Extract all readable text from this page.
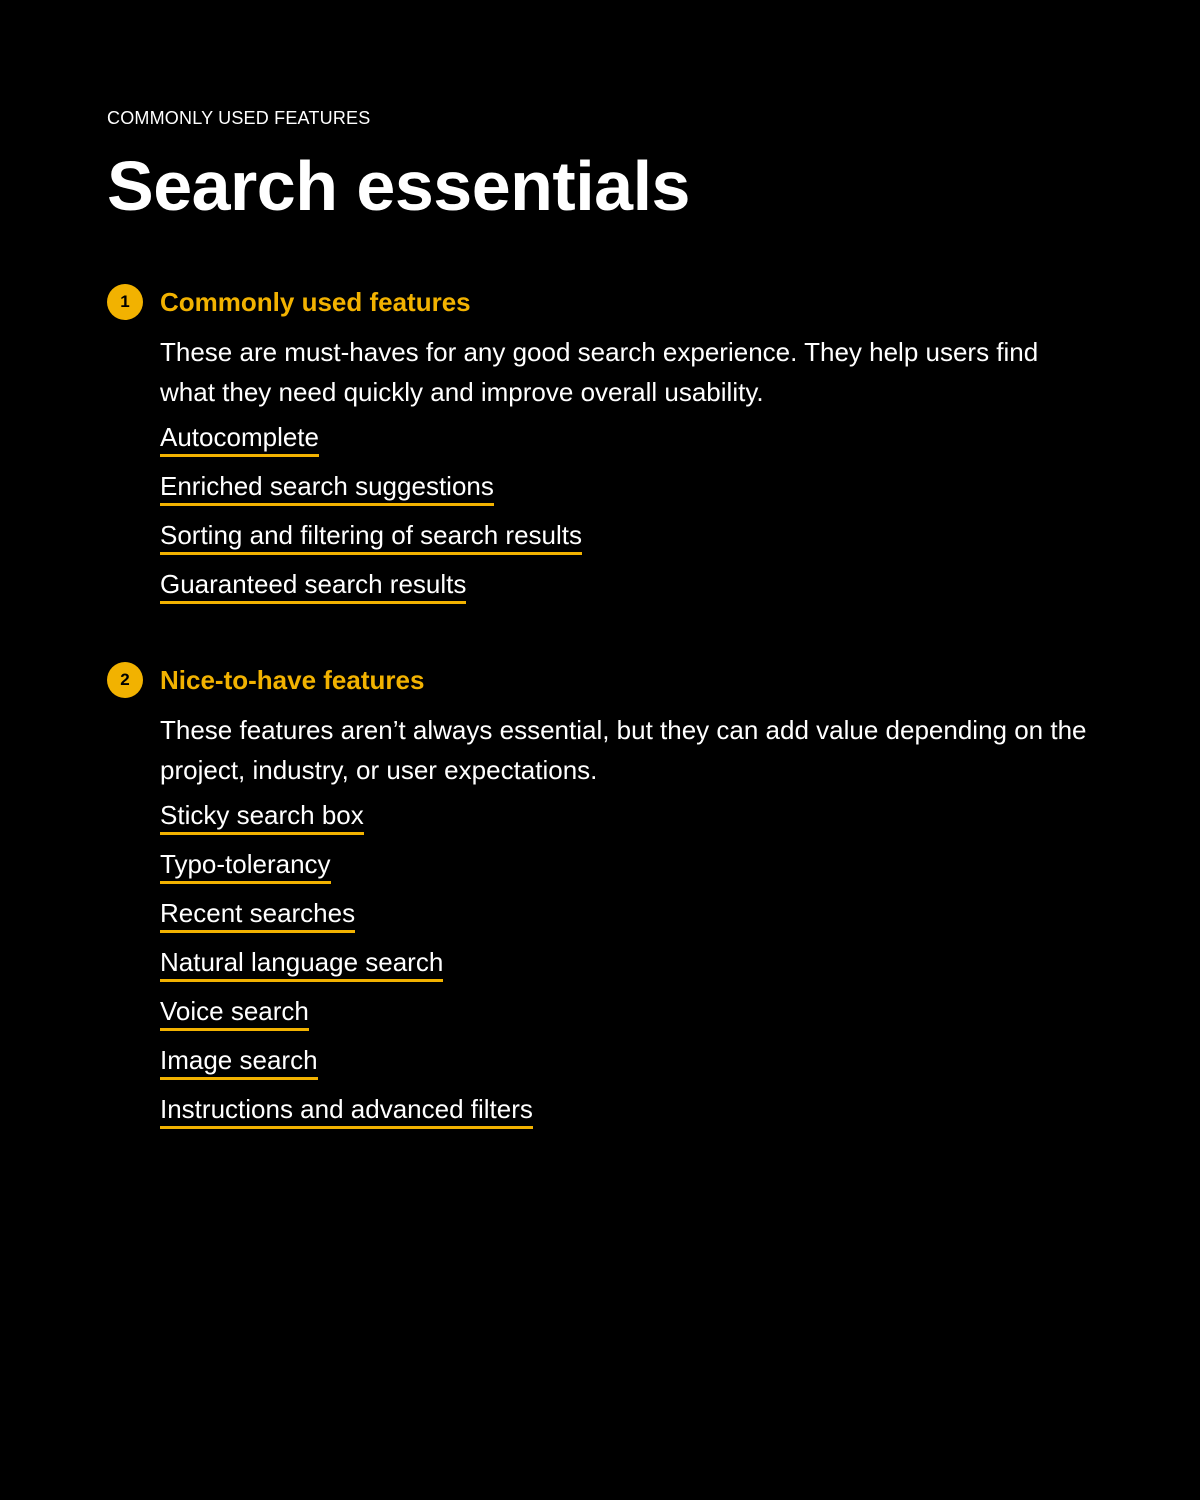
COMMONLY USED FEATURES
Search essentials
1	Commonly used features

These are must-haves for any good search experience. They help users find what they need quickly and improve overall usability.

Autocomplete
Enriched search suggestions
Sorting and filtering of search results
Guaranteed search results
2	Nice-to-have features

These features aren’t always essential, but they can add value depending on the project, industry, or user expectations.

Sticky search box
Typo-tolerancy
Recent searches
Natural language search
Voice search
Image search
Instructions and advanced filters
